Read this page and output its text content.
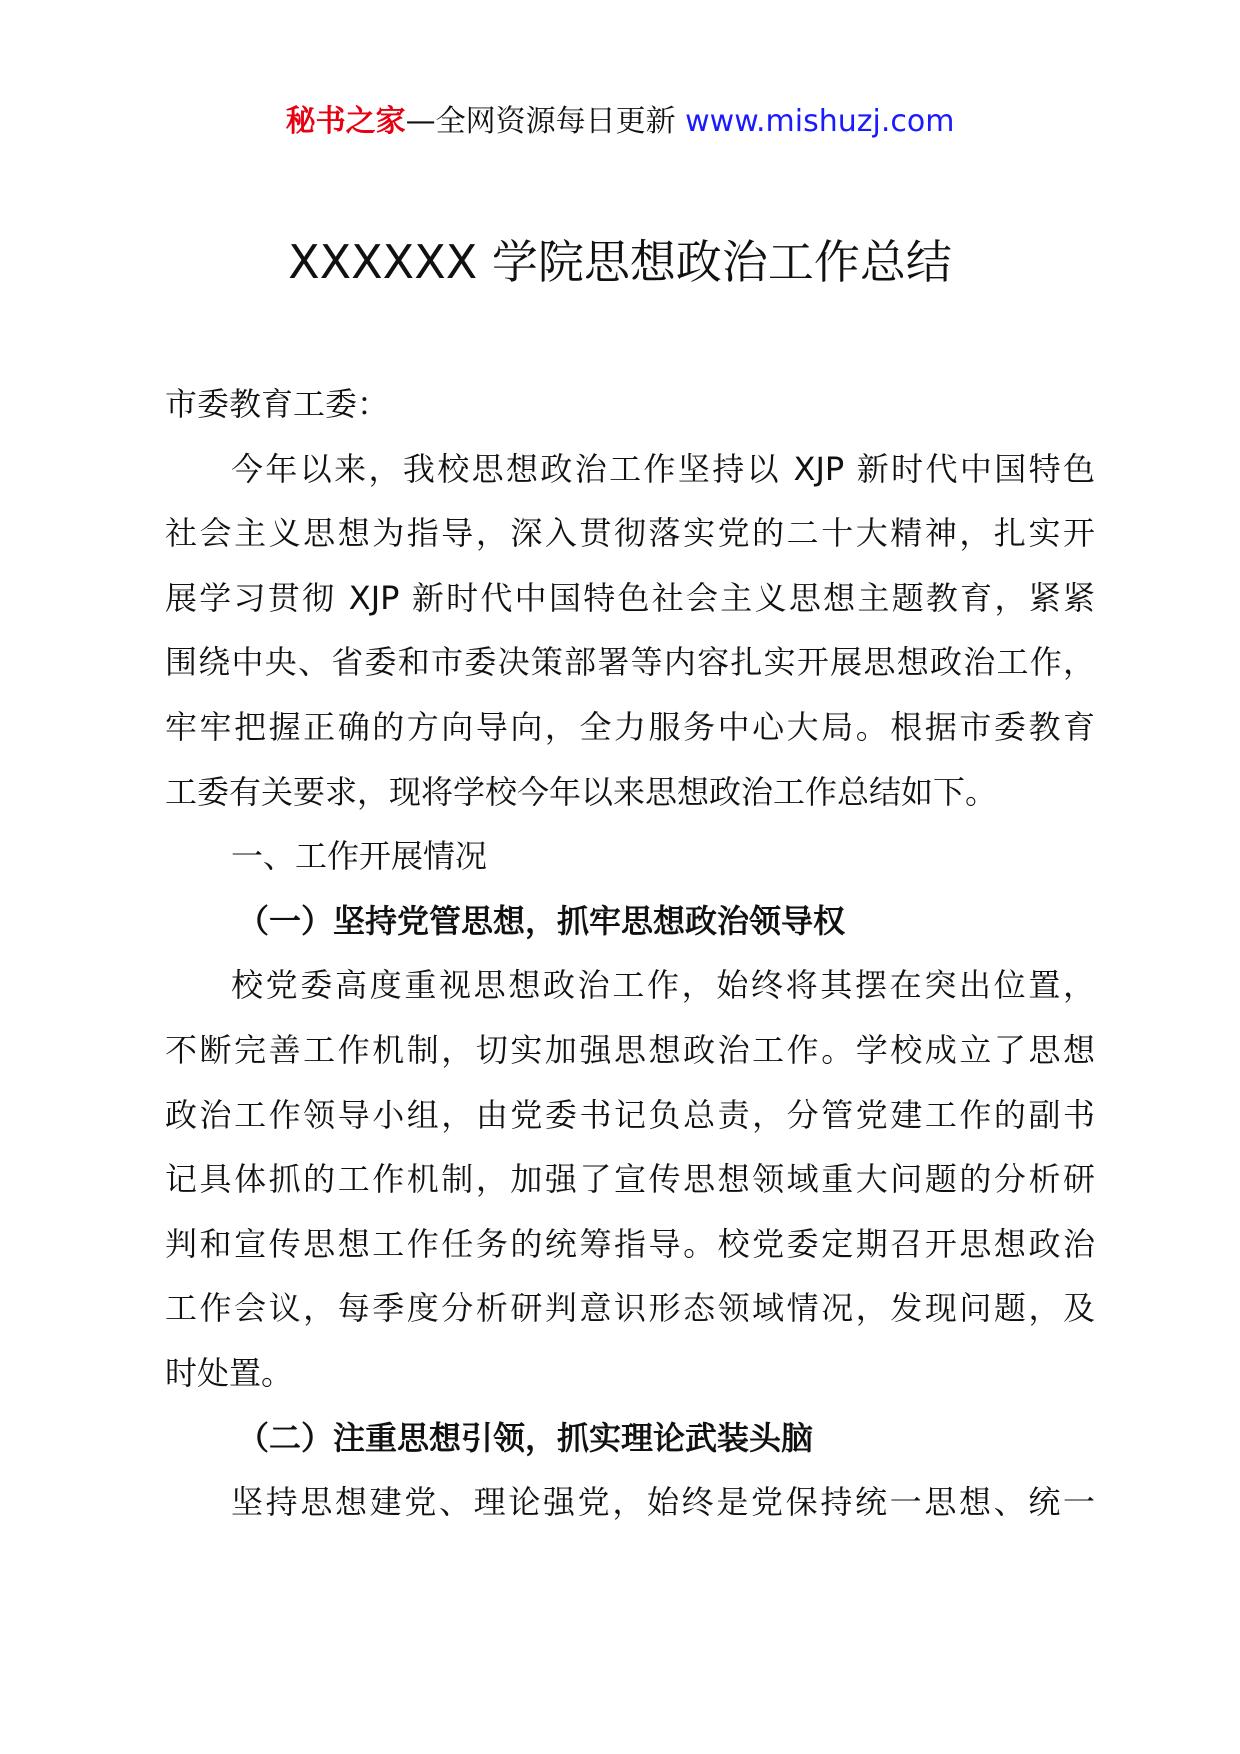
秘书之家—全网资源每日更新 www.mishuzj.com
XXXXXX 学院思想政治工作总结
市委教育工委：
今年以来，我校思想政治工作坚持以 XJP 新时代中国特色
社会主义思想为指导，深入贯彻落实党的二十大精神，扎实开
展学习贯彻 XJP 新时代中国特色社会主义思想主题教育，紧紧
围绕中央、省委和市委决策部署等内容扎实开展思想政治工作，
牢牢把握正确的方向导向，全力服务中心大局。根据市委教育
工委有关要求，现将学校今年以来思想政治工作总结如下。
一、工作开展情况
（一）坚持党管思想，抓牢思想政治领导权
校党委高度重视思想政治工作，始终将其摆在突出位置，
不断完善工作机制，切实加强思想政治工作。学校成立了思想
政治工作领导小组，由党委书记负总责，分管党建工作的副书
记具体抓的工作机制，加强了宣传思想领域重大问题的分析研
判和宣传思想工作任务的统筹指导。校党委定期召开思想政治
工作会议，每季度分析研判意识形态领域情况，发现问题，及
时处置。
（二）注重思想引领，抓实理论武装头脑
坚持思想建党、理论强党，始终是党保持统一思想、统一
